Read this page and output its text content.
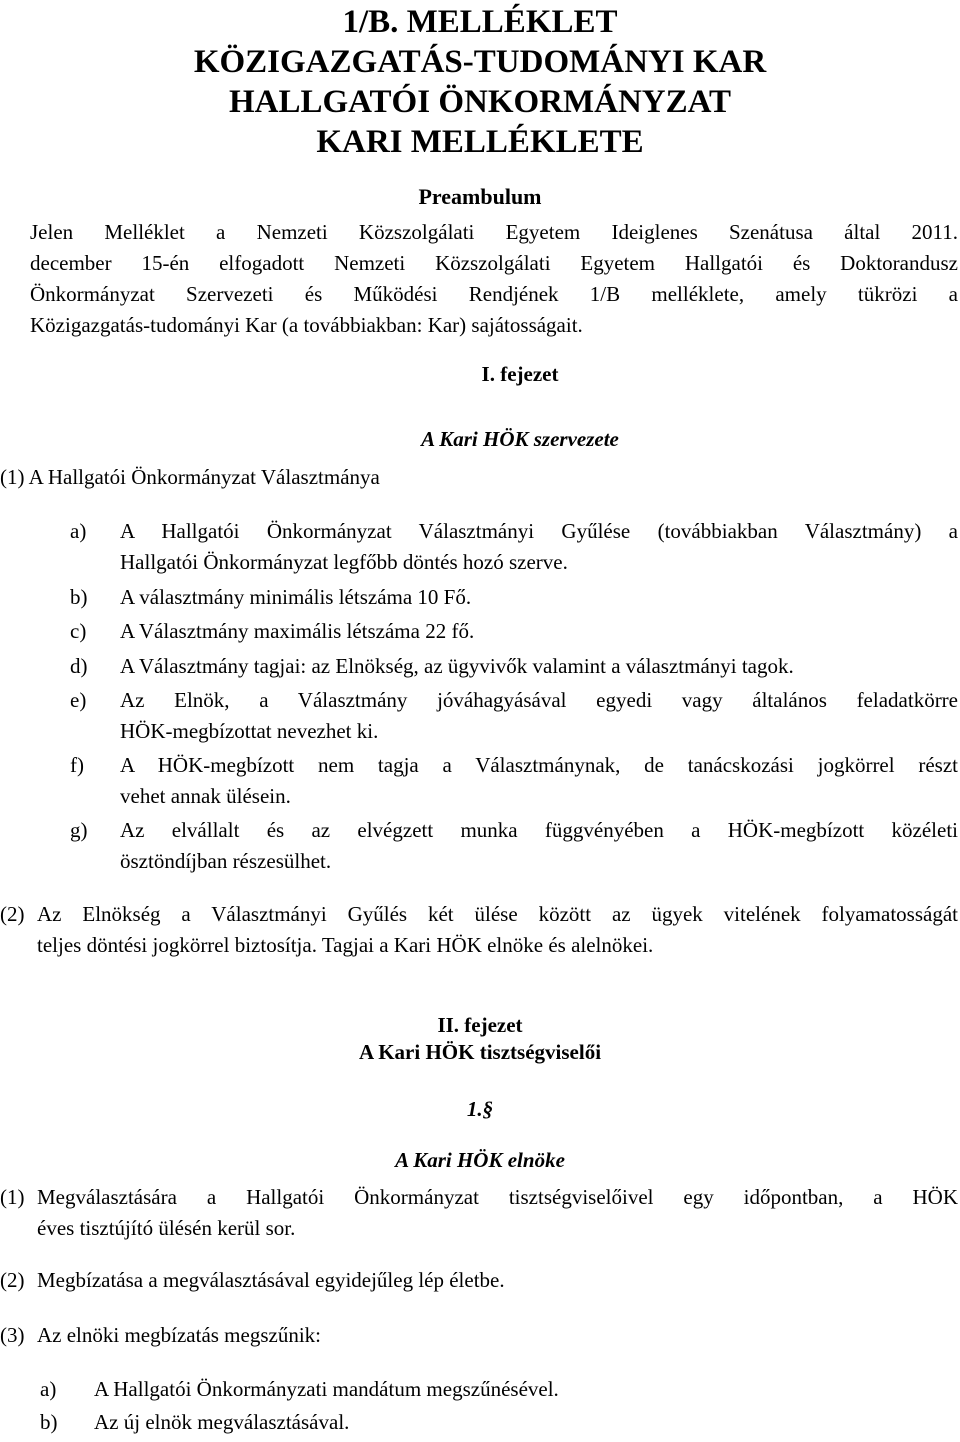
1/B. MELLÉKLET
KÖZIGAZGATÁS-TUDOMÁNYI KAR
HALLGATÓI ÖNKORMÁNYZAT
KARI MELLÉKLETE

Preambulum

Jelen Melléklet a Nemzeti Közszolgálati Egyetem Ideiglenes Szenátusa által 2011.
december 15-én elfogadott Nemzeti Közszolgálati Egyetem Hallgatói és Doktorandusz
Önkormányzat Szervezeti és Működési Rendjének 1/B melléklete, amely tükrözi a
Közigazgatás-tudományi Kar (a továbbiakban: Kar) sajátosságait.

I. fejezet

A Kari HÖK szervezete

(1) A Hallgatói Önkormányzat Választmánya

a) A Hallgatói Önkormányzat Választmányi Gyűlése (továbbiakban Választmány) a
Hallgatói Önkormányzat legfőbb döntés hozó szerve.
b) A választmány minimális létszáma 10 Fő.
c) A Választmány maximális létszáma 22 fő.
d) A Választmány tagjai: az Elnökség, az ügyvivők valamint a választmányi tagok.
e) Az Elnök, a Választmány jóváhagyásával egyedi vagy általános feladatkörre
HÖK-megbízottat nevezhet ki.
f) A HÖK-megbízott nem tagja a Választmánynak, de tanácskozási jogkörrel részt
vehet annak ülésein.
g) Az elvállalt és az elvégzett munka függvényében a HÖK-megbízott közéleti
ösztöndíjban részesülhet.
(2) Az Elnökség a Választmányi Gyűlés két ülése között az ügyek vitelének folyamatosságát
teljes döntési jogkörrel biztosítja. Tagjai a Kari HÖK elnöke és alelnökei.

II. fejezet

A Kari HÖK tisztségviselői

1.§

A Kari HÖK elnöke

(1) Megválasztására a Hallgatói Önkormányzat tisztségviselőivel egy időpontban, a HÖK
éves tisztújító ülésén kerül sor.
(2) Megbízatása a megválasztásával egyidejűleg lép életbe.
(3) Az elnöki megbízatás megszűnik:
a) A Hallgatói Önkormányzati mandátum megszűnésével.
b) Az új elnök megválasztásával.
